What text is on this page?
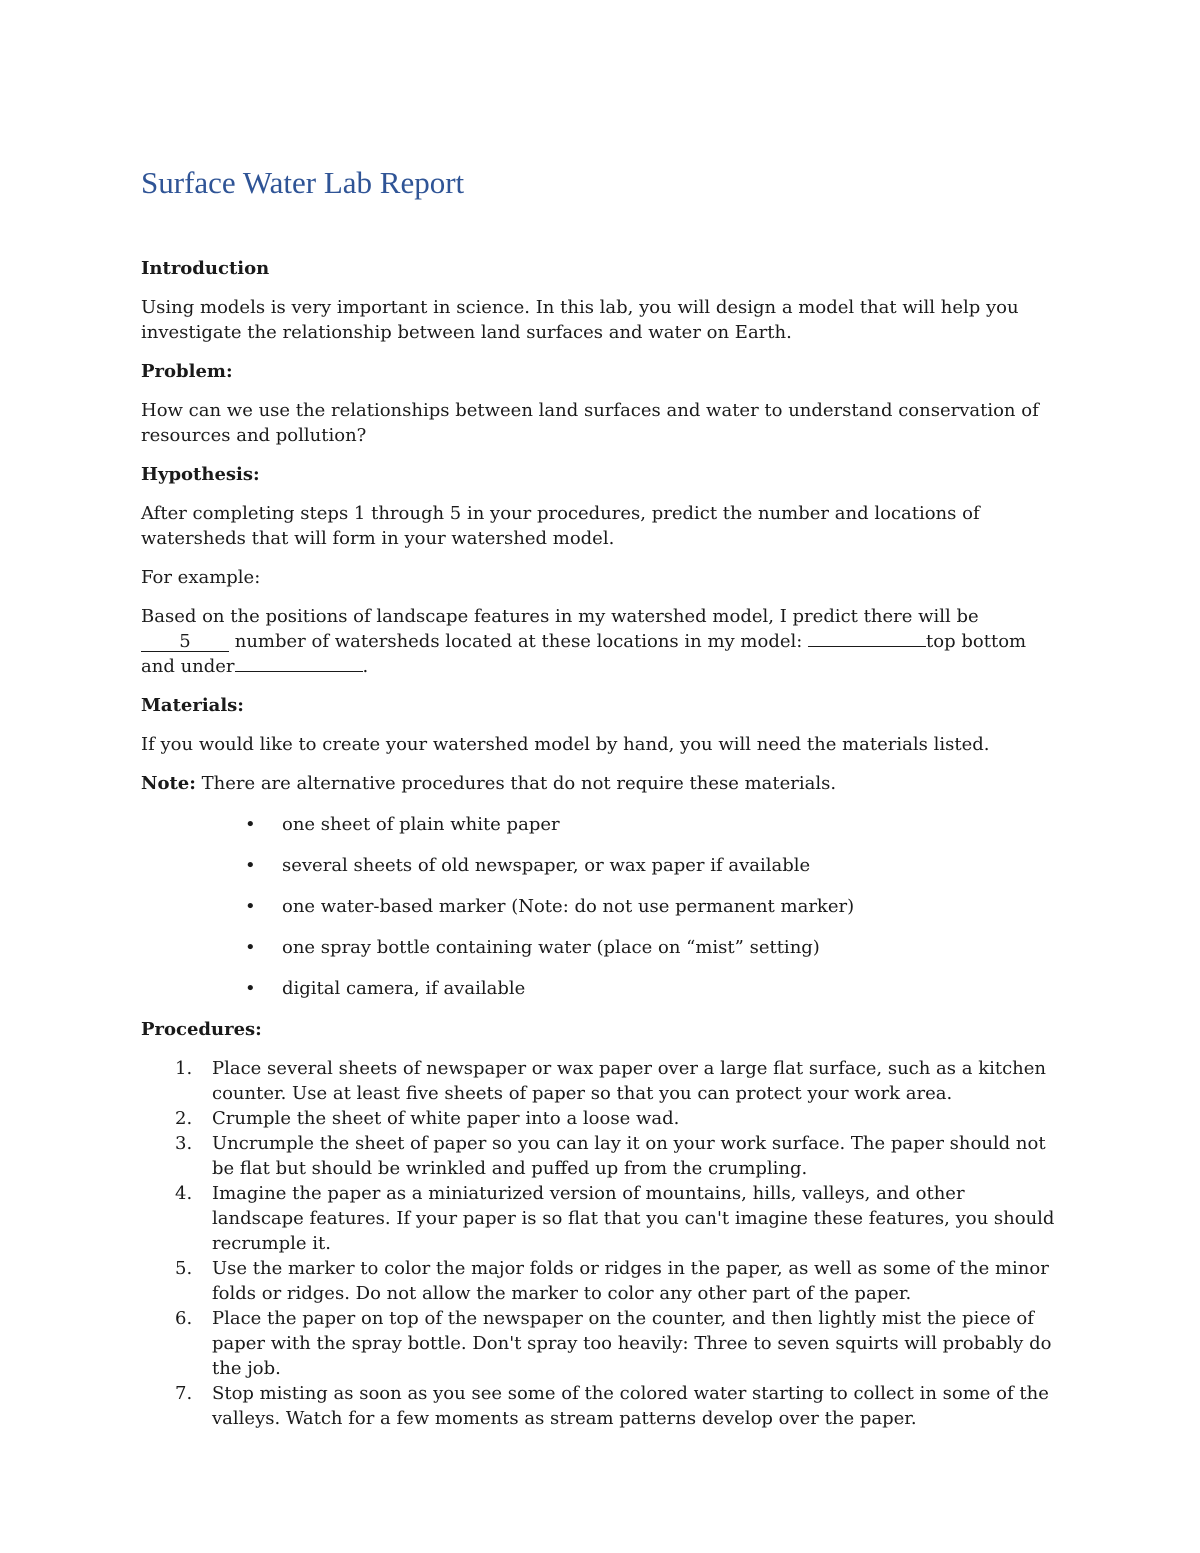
Surface Water Lab Report

Introduction

Using models is very important in science. In this lab, you will design a model that will help you investigate the relationship between land surfaces and water on Earth.

Problem:

How can we use the relationships between land surfaces and water to understand conservation of resources and pollution?

Hypothesis:

After completing steps 1 through 5 in your procedures, predict the number and locations of watersheds that will form in your watershed model.

For example:

Based on the positions of landscape features in my watershed model, I predict there will be 5 number of watersheds located at these locations in my model:	top bottom and under	.

Materials:

If you would like to create your watershed model by hand, you will need the materials listed.

Note: There are alternative procedures that do not require these materials.

• one sheet of plain white paper
• several sheets of old newspaper, or wax paper if available
• one water-based marker (Note: do not use permanent marker)
• one spray bottle containing water (place on “mist” setting)
• digital camera, if available

Procedures:

1. Place several sheets of newspaper or wax paper over a large flat surface, such as a kitchen counter. Use at least five sheets of paper so that you can protect your work area.
2. Crumple the sheet of white paper into a loose wad.
3. Uncrumple the sheet of paper so you can lay it on your work surface. The paper should not be flat but should be wrinkled and puffed up from the crumpling.
4. Imagine the paper as a miniaturized version of mountains, hills, valleys, and other landscape features. If your paper is so flat that you can't imagine these features, you should recrumple it.
5. Use the marker to color the major folds or ridges in the paper, as well as some of the minor folds or ridges. Do not allow the marker to color any other part of the paper.
6. Place the paper on top of the newspaper on the counter, and then lightly mist the piece of paper with the spray bottle. Don't spray too heavily: Three to seven squirts will probably do the job.
7. Stop misting as soon as you see some of the colored water starting to collect in some of the valleys. Watch for a few moments as stream patterns develop over the paper.
